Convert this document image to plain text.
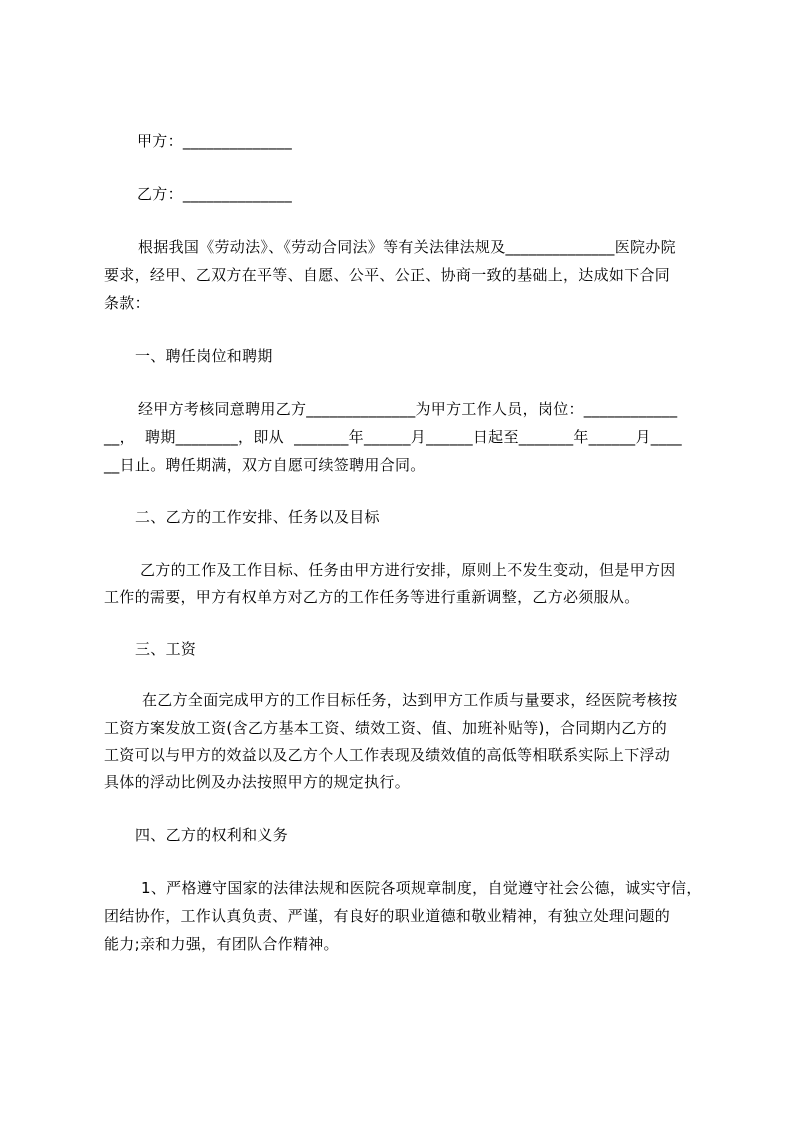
甲方：______________
乙方：______________
根据我国《劳动法》、《劳动合同法》等有关法律法规及______________医院办院
要求，经甲、乙双方在平等、自愿、公平、公正、协商一致的基础上，达成如下合同
条款：
一、聘任岗位和聘期
经甲方考核同意聘用乙方______________为甲方工作人员，岗位：____________
__，  聘期________，即从  _______年______月______日起至_______年______月____
__日止。聘任期满，双方自愿可续签聘用合同。
二、乙方的工作安排、任务以及目标
乙方的工作及工作目标、任务由甲方进行安排，原则上不发生变动，但是甲方因
工作的需要，甲方有权单方对乙方的工作任务等进行重新调整，乙方必须服从。
三、工资
在乙方全面完成甲方的工作目标任务，达到甲方工作质与量要求，经医院考核按
工资方案发放工资(含乙方基本工资、绩效工资、值、加班补贴等)，合同期内乙方的
工资可以与甲方的效益以及乙方个人工作表现及绩效值的高低等相联系实际上下浮动
具体的浮动比例及办法按照甲方的规定执行。
四、乙方的权利和义务
1、严格遵守国家的法律法规和医院各项规章制度，自觉遵守社会公德，诚实守信，
团结协作，工作认真负责、严谨，有良好的职业道德和敬业精神，有独立处理问题的
能力;亲和力强，有团队合作精神。
